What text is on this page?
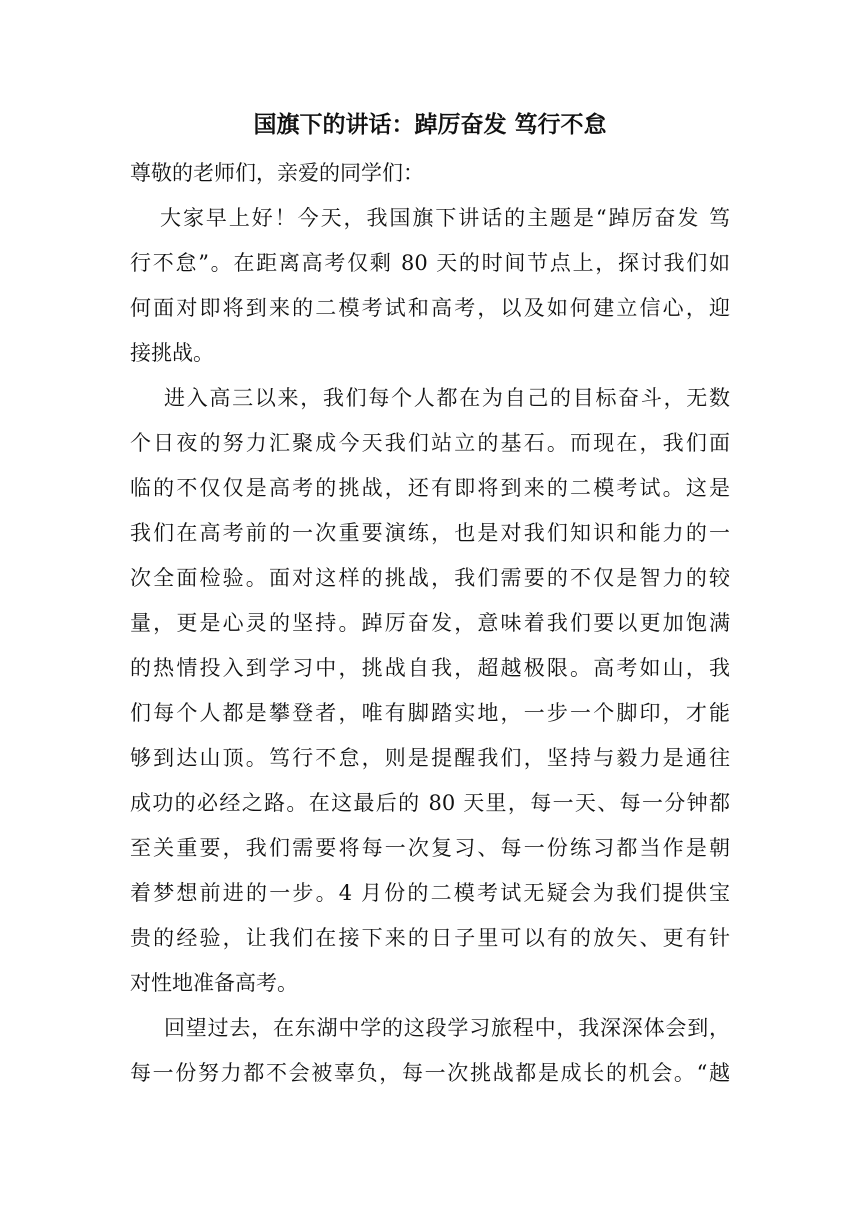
国旗下的讲话：踔厉奋发 笃行不怠
尊敬的老师们，亲爱的同学们：
大家早上好！今天，我国旗下讲话的主题是“踔厉奋发 笃
行不怠”。在距离高考仅剩 80 天的时间节点上，探讨我们如
何面对即将到来的二模考试和高考，以及如何建立信心，迎
接挑战。
进入高三以来，我们每个人都在为自己的目标奋斗，无数
个日夜的努力汇聚成今天我们站立的基石。而现在，我们面
临的不仅仅是高考的挑战，还有即将到来的二模考试。这是
我们在高考前的一次重要演练，也是对我们知识和能力的一
次全面检验。面对这样的挑战，我们需要的不仅是智力的较
量，更是心灵的坚持。踔厉奋发，意味着我们要以更加饱满
的热情投入到学习中，挑战自我，超越极限。高考如山，我
们每个人都是攀登者，唯有脚踏实地，一步一个脚印，才能
够到达山顶。笃行不怠，则是提醒我们，坚持与毅力是通往
成功的必经之路。在这最后的 80 天里，每一天、每一分钟都
至关重要，我们需要将每一次复习、每一份练习都当作是朝
着梦想前进的一步。4 月份的二模考试无疑会为我们提供宝
贵的经验，让我们在接下来的日子里可以有的放矢、更有针
对性地准备高考。
回望过去，在东湖中学的这段学习旅程中，我深深体会到，
每一份努力都不会被辜负，每一次挑战都是成长的机会。“越
